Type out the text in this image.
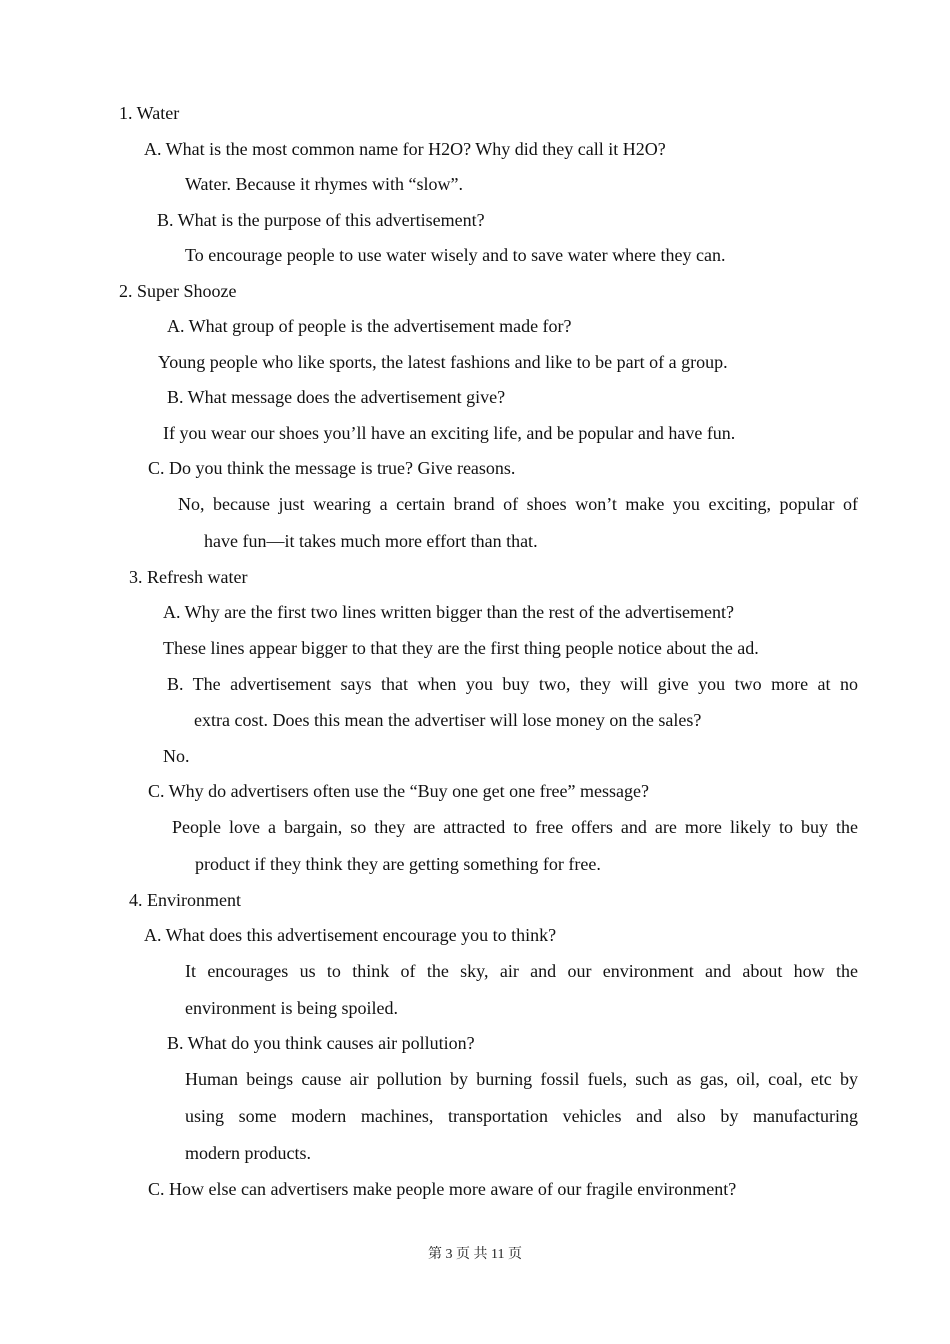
1. Water
A. What is the most common name for H2O? Why did they call it H2O?
Water. Because it rhymes with “slow”.
B. What is the purpose of this advertisement?
To encourage people to use water wisely and to save water where they can.
2. Super Shooze
A. What group of people is the advertisement made for?
Young people who like sports, the latest fashions and like to be part of a group.
B. What message does the advertisement give?
If you wear our shoes you’ll have an exciting life, and be popular and have fun.
C. Do you think the message is true? Give reasons.
No, because just wearing a certain brand of shoes won’t make you exciting, popular of
have fun—it takes much more effort than that.
3. Refresh water
A. Why are the first two lines written bigger than the rest of the advertisement?
These lines appear bigger to that they are the first thing people notice about the ad.
B. The advertisement says that when you buy two, they will give you two more at no
extra cost. Does this mean the advertiser will lose money on the sales?
No.
C. Why do advertisers often use the “Buy one get one free” message?
People love a bargain, so they are attracted to free offers and are more likely to buy the
product if they think they are getting something for free.
4. Environment
A. What does this advertisement encourage you to think?
It encourages us to think of the sky, air and our environment and about how the
environment is being spoiled.
B. What do you think causes air pollution?
Human beings cause air pollution by burning fossil fuels, such as gas, oil, coal, etc by
using some modern machines, transportation vehicles and also by manufacturing
modern products.
C. How else can advertisers make people more aware of our fragile environment?
第 3 页 共 11 页
